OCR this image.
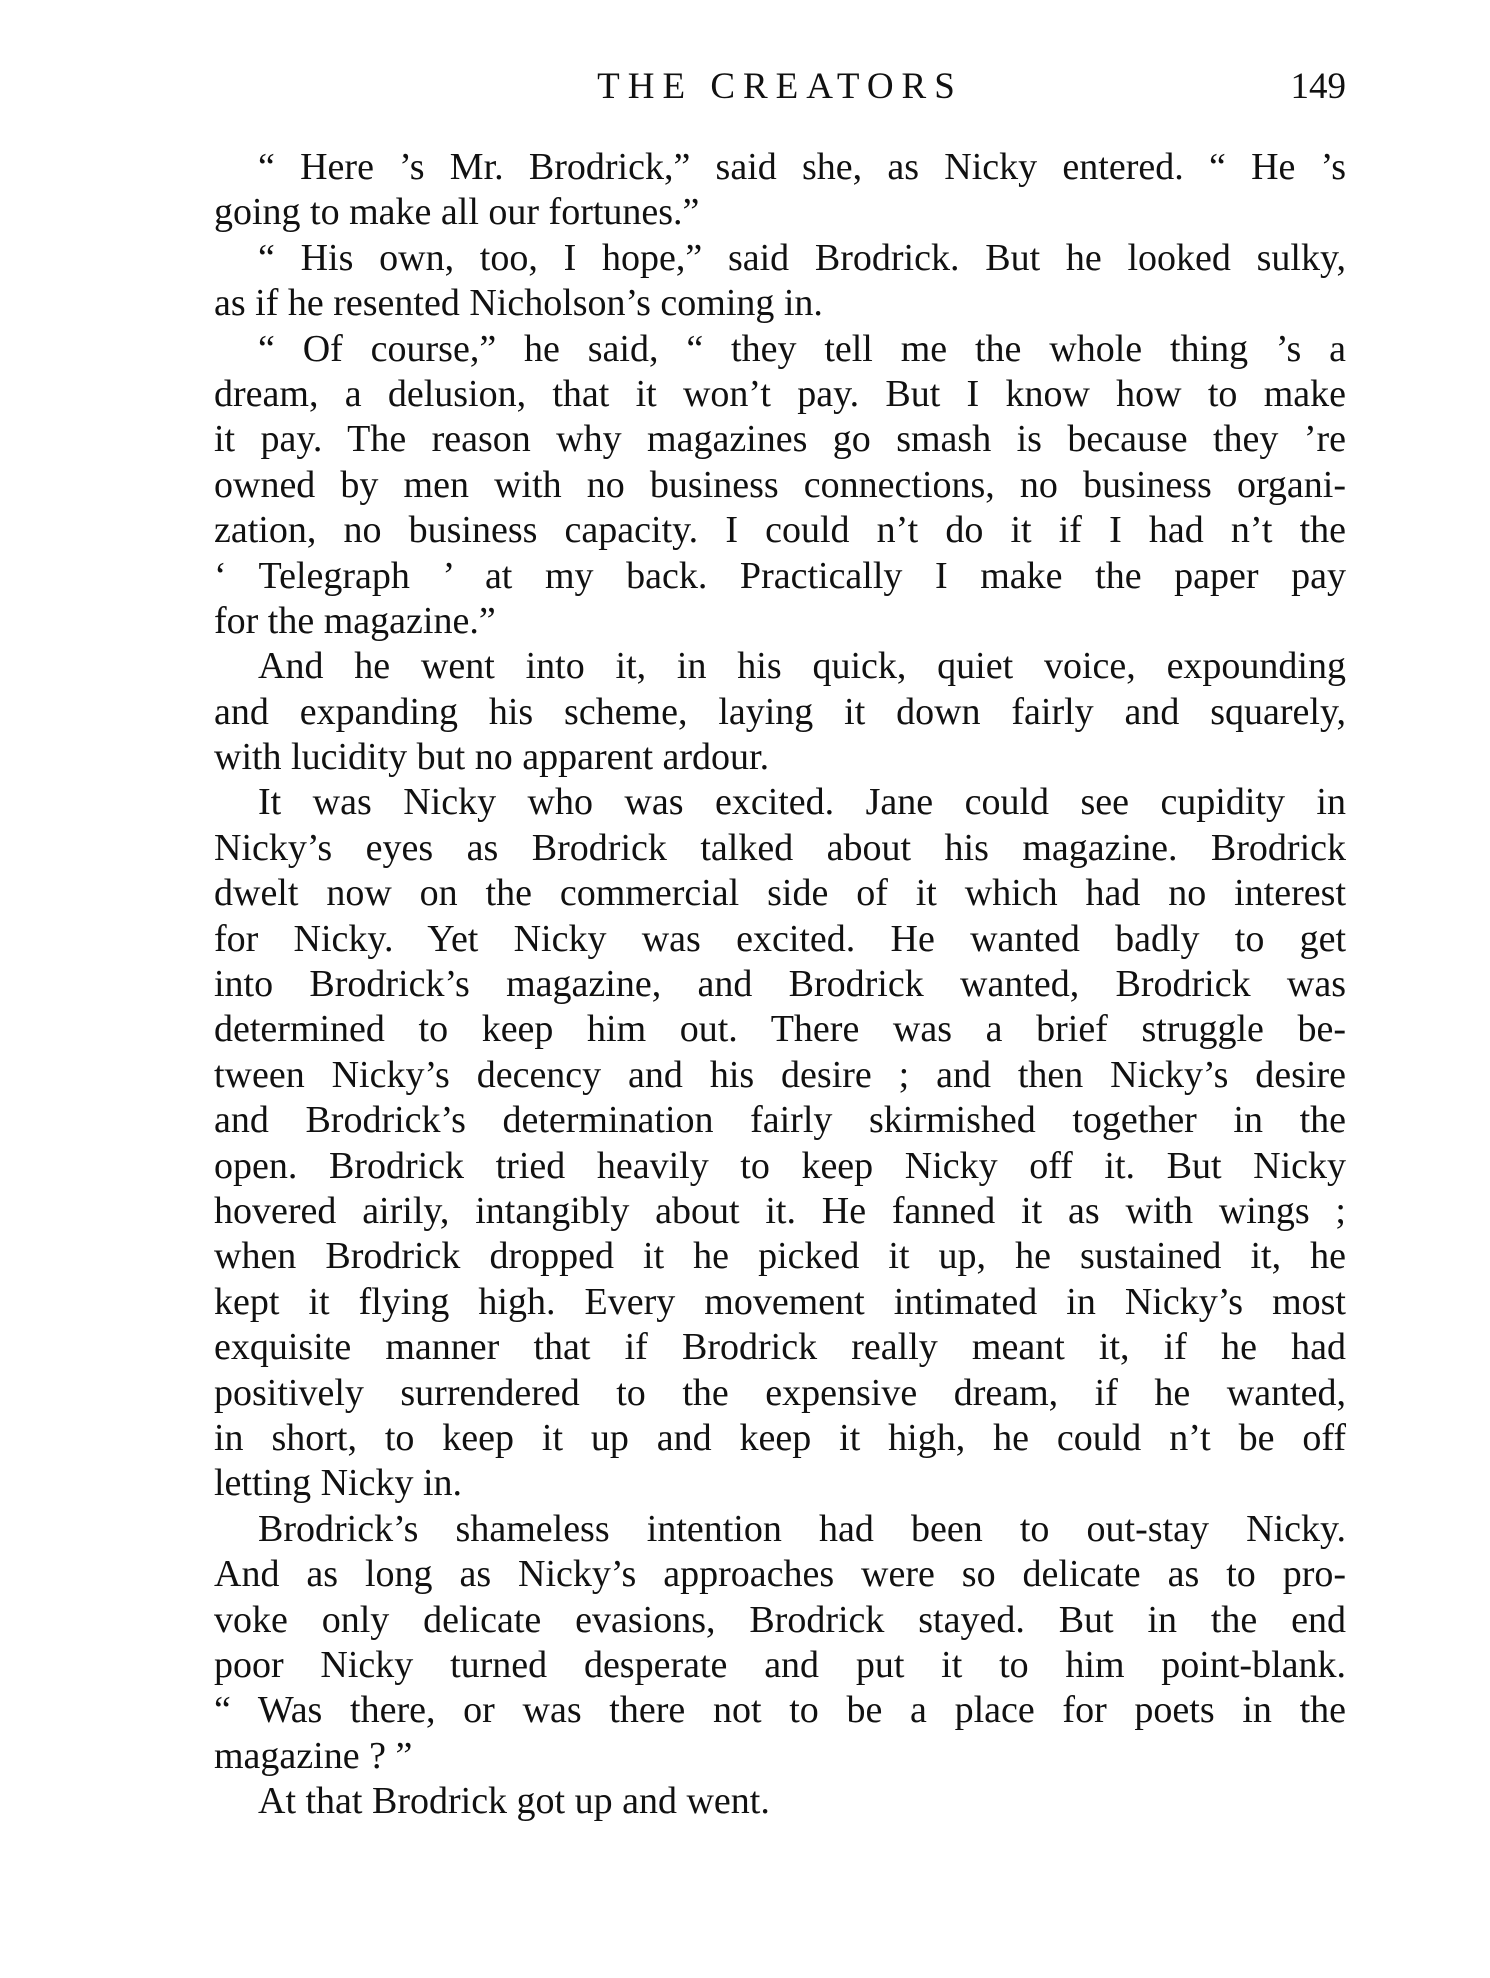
THE CREATORS	149
“ Here ’s Mr. Brodrick,” said she, as Nicky entered. “ He ’s
going to make all our fortunes.”
“ His own, too, I hope,” said Brodrick. But he looked sulky,
as if he resented Nicholson’s coming in.
“ Of course,” he said, “ they tell me the whole thing ’s a
dream, a delusion, that it won’t pay. But I know how to make
it pay. The reason why magazines go smash is because they ’re
owned by men with no business connections, no business organi-
zation, no business capacity. I could n’t do it if I had n’t the
‘ Telegraph ’ at my back. Practically I make the paper pay
for the magazine.”
And he went into it, in his quick, quiet voice, expounding
and expanding his scheme, laying it down fairly and squarely,
with lucidity but no apparent ardour.
It was Nicky who was excited. Jane could see cupidity in
Nicky’s eyes as Brodrick talked about his magazine. Brodrick
dwelt now on the commercial side of it which had no interest
for Nicky. Yet Nicky was excited. He wanted badly to get
into Brodrick’s magazine, and Brodrick wanted, Brodrick was
determined to keep him out. There was a brief struggle be-
tween Nicky’s decency and his desire ; and then Nicky’s desire
and Brodrick’s determination fairly skirmished together in the
open. Brodrick tried heavily to keep Nicky off it. But Nicky
hovered airily, intangibly about it. He fanned it as with wings ;
when Brodrick dropped it he picked it up, he sustained it, he
kept it flying high. Every movement intimated in Nicky’s most
exquisite manner that if Brodrick really meant it, if he had
positively surrendered to the expensive dream, if he wanted,
in short, to keep it up and keep it high, he could n’t be off
letting Nicky in.
Brodrick’s shameless intention had been to out-stay Nicky.
And as long as Nicky’s approaches were so delicate as to pro-
voke only delicate evasions, Brodrick stayed. But in the end
poor Nicky turned desperate and put it to him point-blank.
“ Was there, or was there not to be a place for poets in the
magazine ? ”
At that Brodrick got up and went.
